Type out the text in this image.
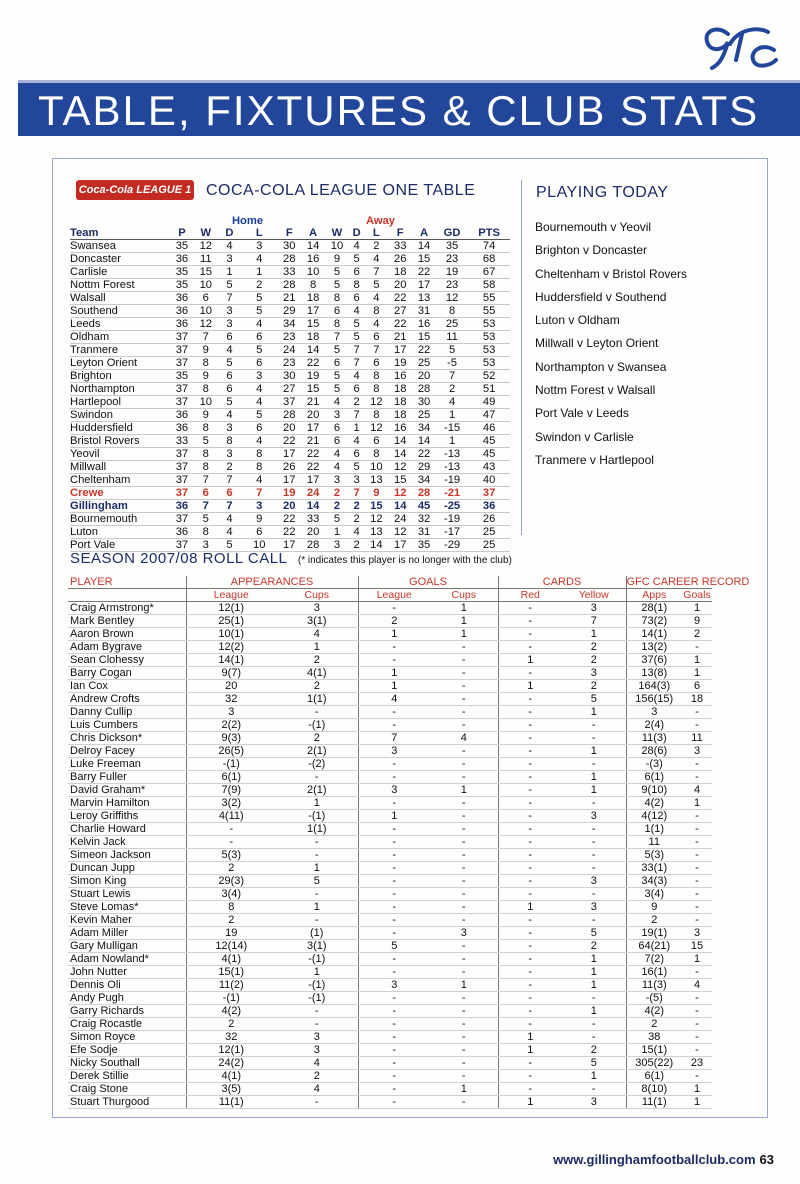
TABLE, FIXTURES & CLUB STATS
Coca-Cola LEAGUE 1 COCA-COLA LEAGUE ONE TABLE
			Home					Away					
Team	P	W	D	L	F	A	W	D	L	F	A	GD	PTS
Swansea	35	12	4	3	30	14	10	4	2	33	14	35	74
Doncaster	36	11	3	4	28	16	9	5	4	26	15	23	68
Carlisle	35	15	1	1	33	10	5	6	7	18	22	19	67
Nottm Forest	35	10	5	2	28	8	5	8	5	20	17	23	58
Walsall	36	6	7	5	21	18	8	6	4	22	13	12	55
Southend	36	10	3	5	29	17	6	4	8	27	31	8	55
Leeds	36	12	3	4	34	15	8	5	4	22	16	25	53
Oldham	37	7	6	6	23	18	7	5	6	21	15	11	53
Tranmere	37	9	4	5	24	14	5	7	7	17	22	5	53
Leyton Orient	37	8	5	6	23	22	6	7	6	19	25	-5	53
Brighton	35	9	6	3	30	19	5	4	8	16	20	7	52
Northampton	37	8	6	4	27	15	5	6	8	18	28	2	51
Hartlepool	37	10	5	4	37	21	4	2	12	18	30	4	49
Swindon	36	9	4	5	28	20	3	7	8	18	25	1	47
Huddersfield	36	8	3	6	20	17	6	1	12	16	34	-15	46
Bristol Rovers	33	5	8	4	22	21	6	4	6	14	14	1	45
Yeovil	37	8	3	8	17	22	4	6	8	14	22	-13	45
Millwall	37	8	2	8	26	22	4	5	10	12	29	-13	43
Cheltenham	37	7	7	4	17	17	3	3	13	15	34	-19	40
Crewe	37	6	6	7	19	24	2	7	9	12	28	-21	37
Gillingham	36	7	7	3	20	14	2	2	15	14	45	-25	36
Bournemouth	37	5	4	9	22	33	5	2	12	24	32	-19	26
Luton	36	8	4	6	22	20	1	4	13	12	31	-17	25
Port Vale	37	3	5	10	17	28	3	2	14	17	35	-29	25
PLAYING TODAY
Bournemouth v Yeovil
Brighton v Doncaster
Cheltenham v Bristol Rovers
Huddersfield v Southend
Luton v Oldham
Millwall v Leyton Orient
Northampton v Swansea
Nottm Forest v Walsall
Port Vale v Leeds
Swindon v Carlisle
Tranmere v Hartlepool
SEASON 2007/08 ROLL CALL (* indicates this player is no longer with the club)
PLAYER	APPEARANCES		GOALS		CARDS		GFC CAREER RECORD	
	League	Cups	League	Cups	Red	Yellow	Apps	Goals
Craig Armstrong*	12(1)	3	-	1	-	3	28(1)	1
Mark Bentley	25(1)	3(1)	2	1	-	7	73(2)	9
Aaron Brown	10(1)	4	1	1	-	1	14(1)	2
Adam Bygrave	12(2)	1	-	-	-	2	13(2)	-
Sean Clohessy	14(1)	2	-	-	1	2	37(6)	1
Barry Cogan	9(7)	4(1)	1	-	-	3	13(8)	1
Ian Cox	20	2	1	-	1	2	164(3)	6
Andrew Crofts	32	1(1)	4	-	-	5	156(15)	18
Danny Cullip	3	-	-	-	-	1	3	-
Luis Cumbers	2(2)	-(1)	-	-	-	-	2(4)	-
Chris Dickson*	9(3)	2	7	4	-	-	11(3)	11
Delroy Facey	26(5)	2(1)	3	-	-	1	28(6)	3
Luke Freeman	-(1)	-(2)	-	-	-	-	-(3)	-
Barry Fuller	6(1)	-	-	-	-	1	6(1)	-
David Graham*	7(9)	2(1)	3	1	-	1	9(10)	4
Marvin Hamilton	3(2)	1	-	-	-	-	4(2)	1
Leroy Griffiths	4(11)	-(1)	1	-	-	3	4(12)	-
Charlie Howard	-	1(1)	-	-	-	-	1(1)	-
Kelvin Jack	-	-	-	-	-	-	11	-
Simeon Jackson	5(3)	-	-	-	-	-	5(3)	-
Duncan Jupp	2	1	-	-	-	-	33(1)	-
Simon King	29(3)	5	-	-	-	3	34(3)	-
Stuart Lewis	3(4)	-	-	-	-	-	3(4)	-
Steve Lomas*	8	1	-	-	1	3	9	-
Kevin Maher	2	-	-	-	-	-	2	-
Adam Miller	19	(1)	-	3	-	5	19(1)	3
Gary Mulligan	12(14)	3(1)	5	-	-	2	64(21)	15
Adam Nowland*	4(1)	-(1)	-	-	-	1	7(2)	1
John Nutter	15(1)	1	-	-	-	1	16(1)	-
Dennis Oli	11(2)	-(1)	3	1	-	1	11(3)	4
Andy Pugh	-(1)	-(1)	-	-	-	-	-(5)	-
Garry Richards	4(2)	-	-	-	-	1	4(2)	-
Craig Rocastle	2	-	-	-	-	-	2	-
Simon Royce	32	3	-	-	1	-	38	-
Efe Sodje	12(1)	3	-	-	1	2	15(1)	-
Nicky Southall	24(2)	4	-	-	-	5	305(22)	23
Derek Stillie	4(1)	2	-	-	-	1	6(1)	-
Craig Stone	3(5)	4	-	1	-	-	8(10)	1
Stuart Thurgood	11(1)	-	-	-	1	3	11(1)	1
www.gillinghamfootballclub.com 63
